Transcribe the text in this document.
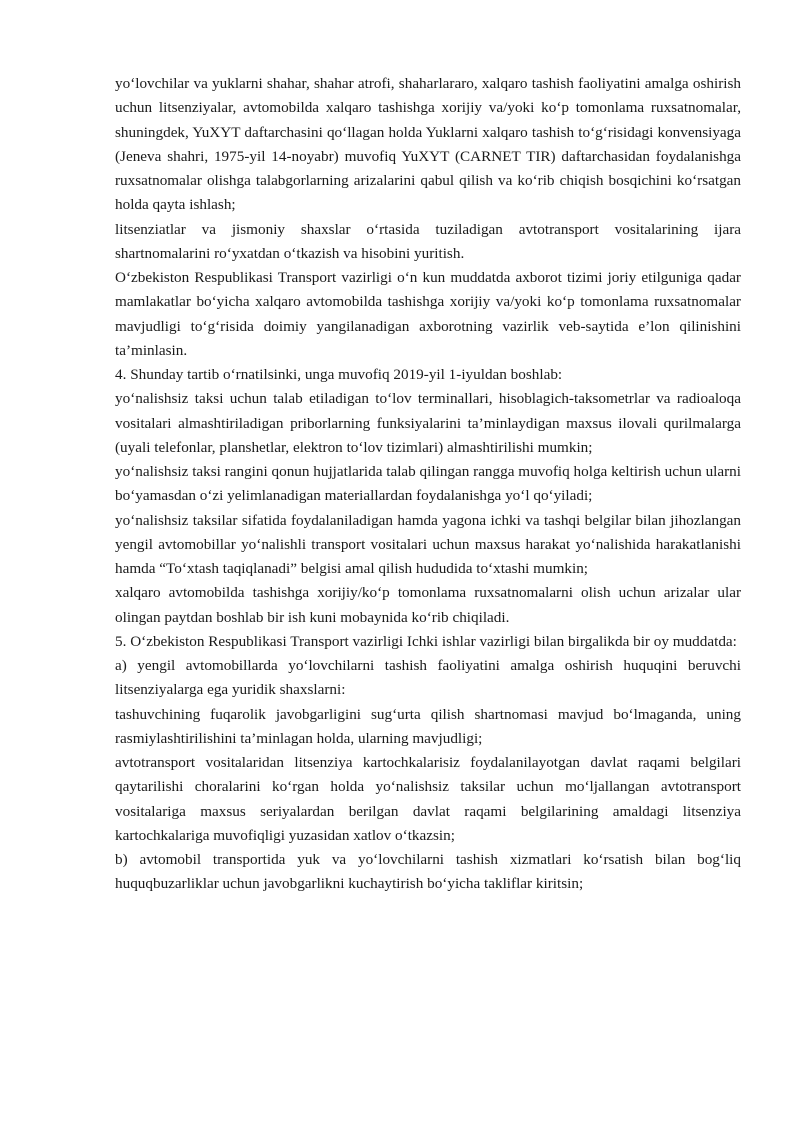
yo‘lovchilar va yuklarni shahar, shahar atrofi, shaharlararo, xalqaro tashish faoliyatini amalga oshirish uchun litsenziyalar, avtomobilda xalqaro tashishga xorijiy va/yoki ko‘p tomonlama ruxsatnomalar, shuningdek, YuXYT daftarchasini qo‘llagan holda Yuklarni xalqaro tashish to‘g‘risidagi konvensiyaga (Jeneva shahri, 1975-yil 14-noyabr) muvofiq YuXYT (CARNET TIR) daftarchasidan foydalanishga ruxsatnomalar olishga talabgorlarning arizalarini qabul qilish va ko‘rib chiqish bosqichini ko‘rsatgan holda qayta ishlash;

litsenziatlar va jismoniy shaxslar o‘rtasida tuziladigan avtotransport vositalarining ijara shartnomalarini ro‘yxatdan o‘tkazish va hisobini yuritish.

O‘zbekiston Respublikasi Transport vazirligi o‘n kun muddatda axborot tizimi joriy etilguniga qadar mamlakatlar bo‘yicha xalqaro avtomobilda tashishga xorijiy va/yoki ko‘p tomonlama ruxsatnomalar mavjudligi to‘g‘risida doimiy yangilanadigan axborotning vazirlik veb-saytida e’lon qilinishini ta’minlasin.

4. Shunday tartib o‘rnatilsinki, unga muvofiq 2019-yil 1-iyuldan boshlab:

yo‘nalishsiz taksi uchun talab etiladigan to‘lov terminallari, hisoblagich-taksometrlar va radioaloqa vositalari almashtiriladigan priborlarning funksiyalarini ta’minlaydigan maxsus ilovali qurilmalarga (uyali telefonlar, planshetlar, elektron to‘lov tizimlari) almashtirilishi mumkin;

yo‘nalishsiz taksi rangini qonun hujjatlarida talab qilingan rangga muvofiq holga keltirish uchun ularni bo‘yamasdan o‘zi yelimlanadigan materiallardan foydalanishga yo‘l qo‘yiladi;

yo‘nalishsiz taksilar sifatida foydalaniladigan hamda yagona ichki va tashqi belgilar bilan jihozlangan yengil avtomobillar yo‘nalishli transport vositalari uchun maxsus harakat yo‘nalishida harakatlanishi hamda “To‘xtash taqiqlanadi” belgisi amal qilish hududida to‘xtashi mumkin;

xalqaro avtomobilda tashishga xorijiy/ko‘p tomonlama ruxsatnomalarni olish uchun arizalar ular olingan paytdan boshlab bir ish kuni mobaynida ko‘rib chiqiladi.

5. O‘zbekiston Respublikasi Transport vazirligi Ichki ishlar vazirligi bilan birgalikda bir oy muddatda:

a) yengil avtomobillarda yo‘lovchilarni tashish faoliyatini amalga oshirish huquqini beruvchi litsenziyalarga ega yuridik shaxslarni:

tashuvchining fuqarolik javobgarligini sug‘urta qilish shartnomasi mavjud bo‘lmaganda, uning rasmiylashtirilishini ta’minlagan holda, ularning mavjudligi;

avtotransport vositalaridan litsenziya kartochkalarisiz foydalanilayotgan davlat raqami belgilari qaytarilishi choralarini ko‘rgan holda yo‘nalishsiz taksilar uchun mo‘ljallangan avtotransport vositalariga maxsus seriyalardan berilgan davlat raqami belgilarining amaldagi litsenziya kartochkalariga muvofiqligi yuzasidan xatlov o‘tkazsin;

b) avtomobil transportida yuk va yo‘lovchilarni tashish xizmatlari ko‘rsatish bilan bog‘liq huquqbuzarliklar uchun javobgarlikni kuchaytirish bo‘yicha takliflar kiritsin;
